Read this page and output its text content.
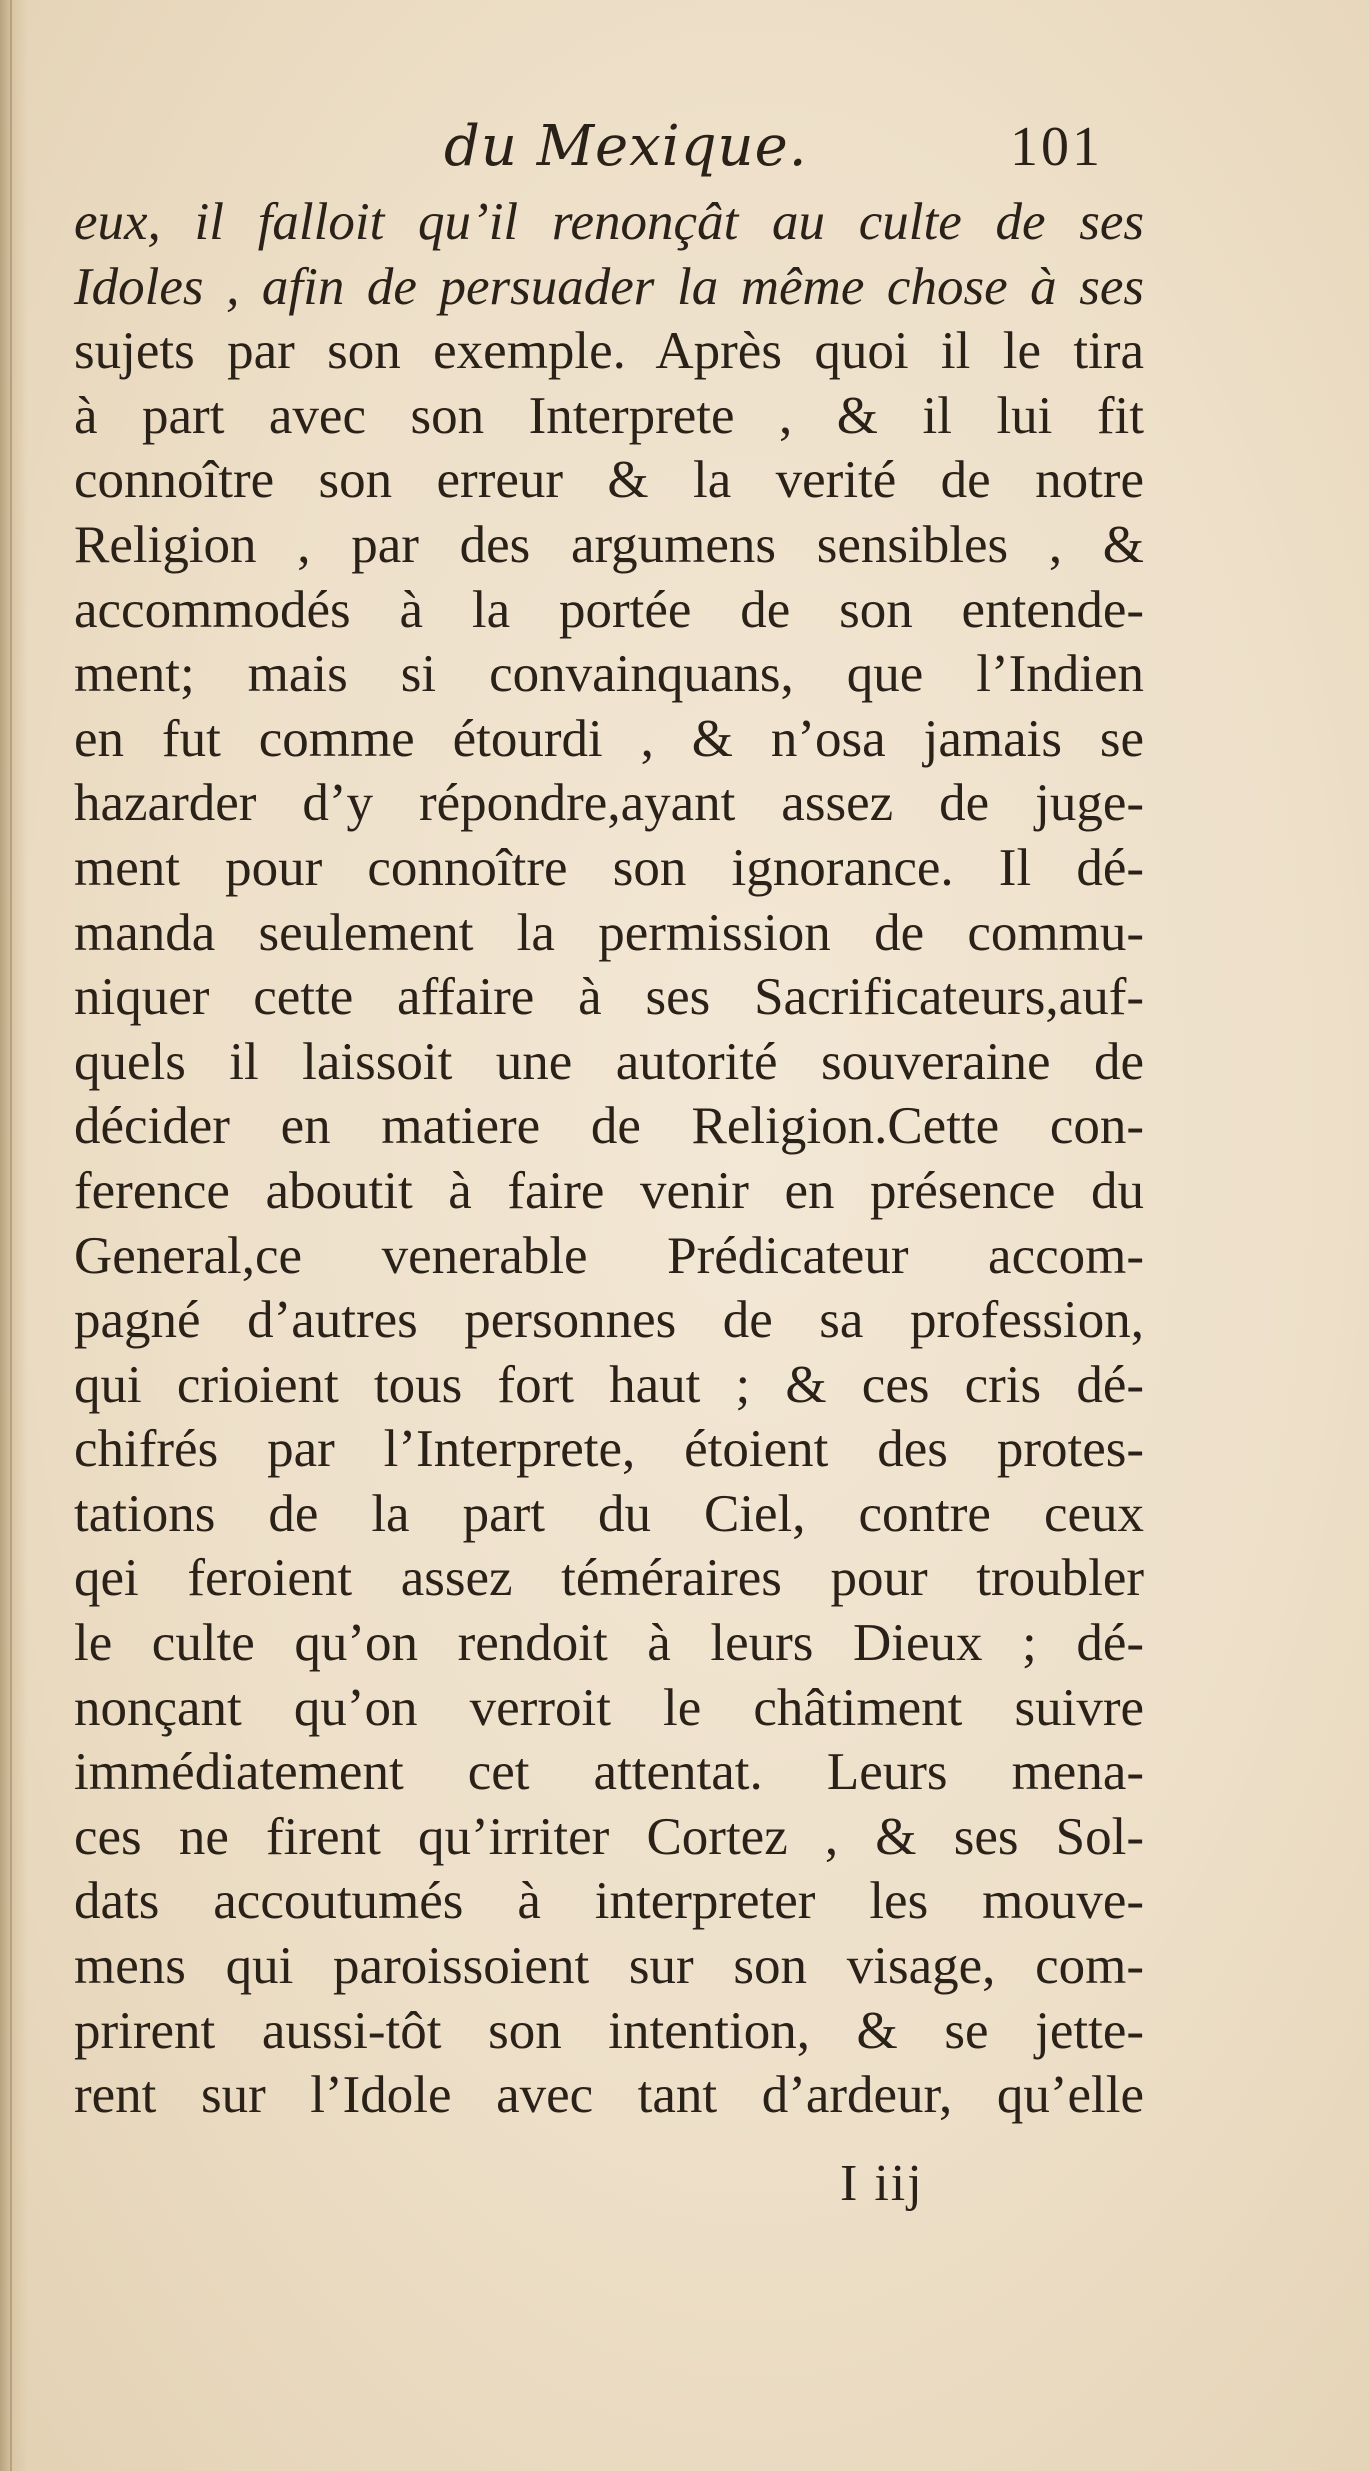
du Mexique.	101
eux, il falloit qu’il renonçât au culte de ses
Idoles , afin de persuader la même chose à ses
sujets par son exemple. Après quoi il le tira
à part avec son Interprete , & il lui fit
connoître son erreur & la verité de notre
Religion , par des argumens sensibles , &
accommodés à la portée de son entende-
ment; mais si convainquans, que l’Indien
en fut comme étourdi , & n’osa jamais se
hazarder d’y répondre,ayant assez de juge-
ment pour connoître son ignorance. Il dé-
manda seulement la permission de commu-
niquer cette affaire à ses Sacrificateurs,auf-
quels il laissoit une autorité souveraine de
décider en matiere de Religion.Cette con-
ference aboutit à faire venir en présence du
General,ce venerable Prédicateur accom-
pagné d’autres personnes de sa profession,
qui crioient tous fort haut ; & ces cris dé-
chifrés par l’Interprete, étoient des protes-
tations de la part du Ciel, contre ceux
qei feroient assez téméraires pour troubler
le culte qu’on rendoit à leurs Dieux ; dé-
nonçant qu’on verroit le châtiment suivre
immédiatement cet attentat. Leurs mena-
ces ne firent qu’irriter Cortez , & ses Sol-
dats accoutumés à interpreter les mouve-
mens qui paroissoient sur son visage, com-
prirent aussi-tôt son intention, & se jette-
rent sur l’Idole avec tant d’ardeur, qu’elle
I iij
